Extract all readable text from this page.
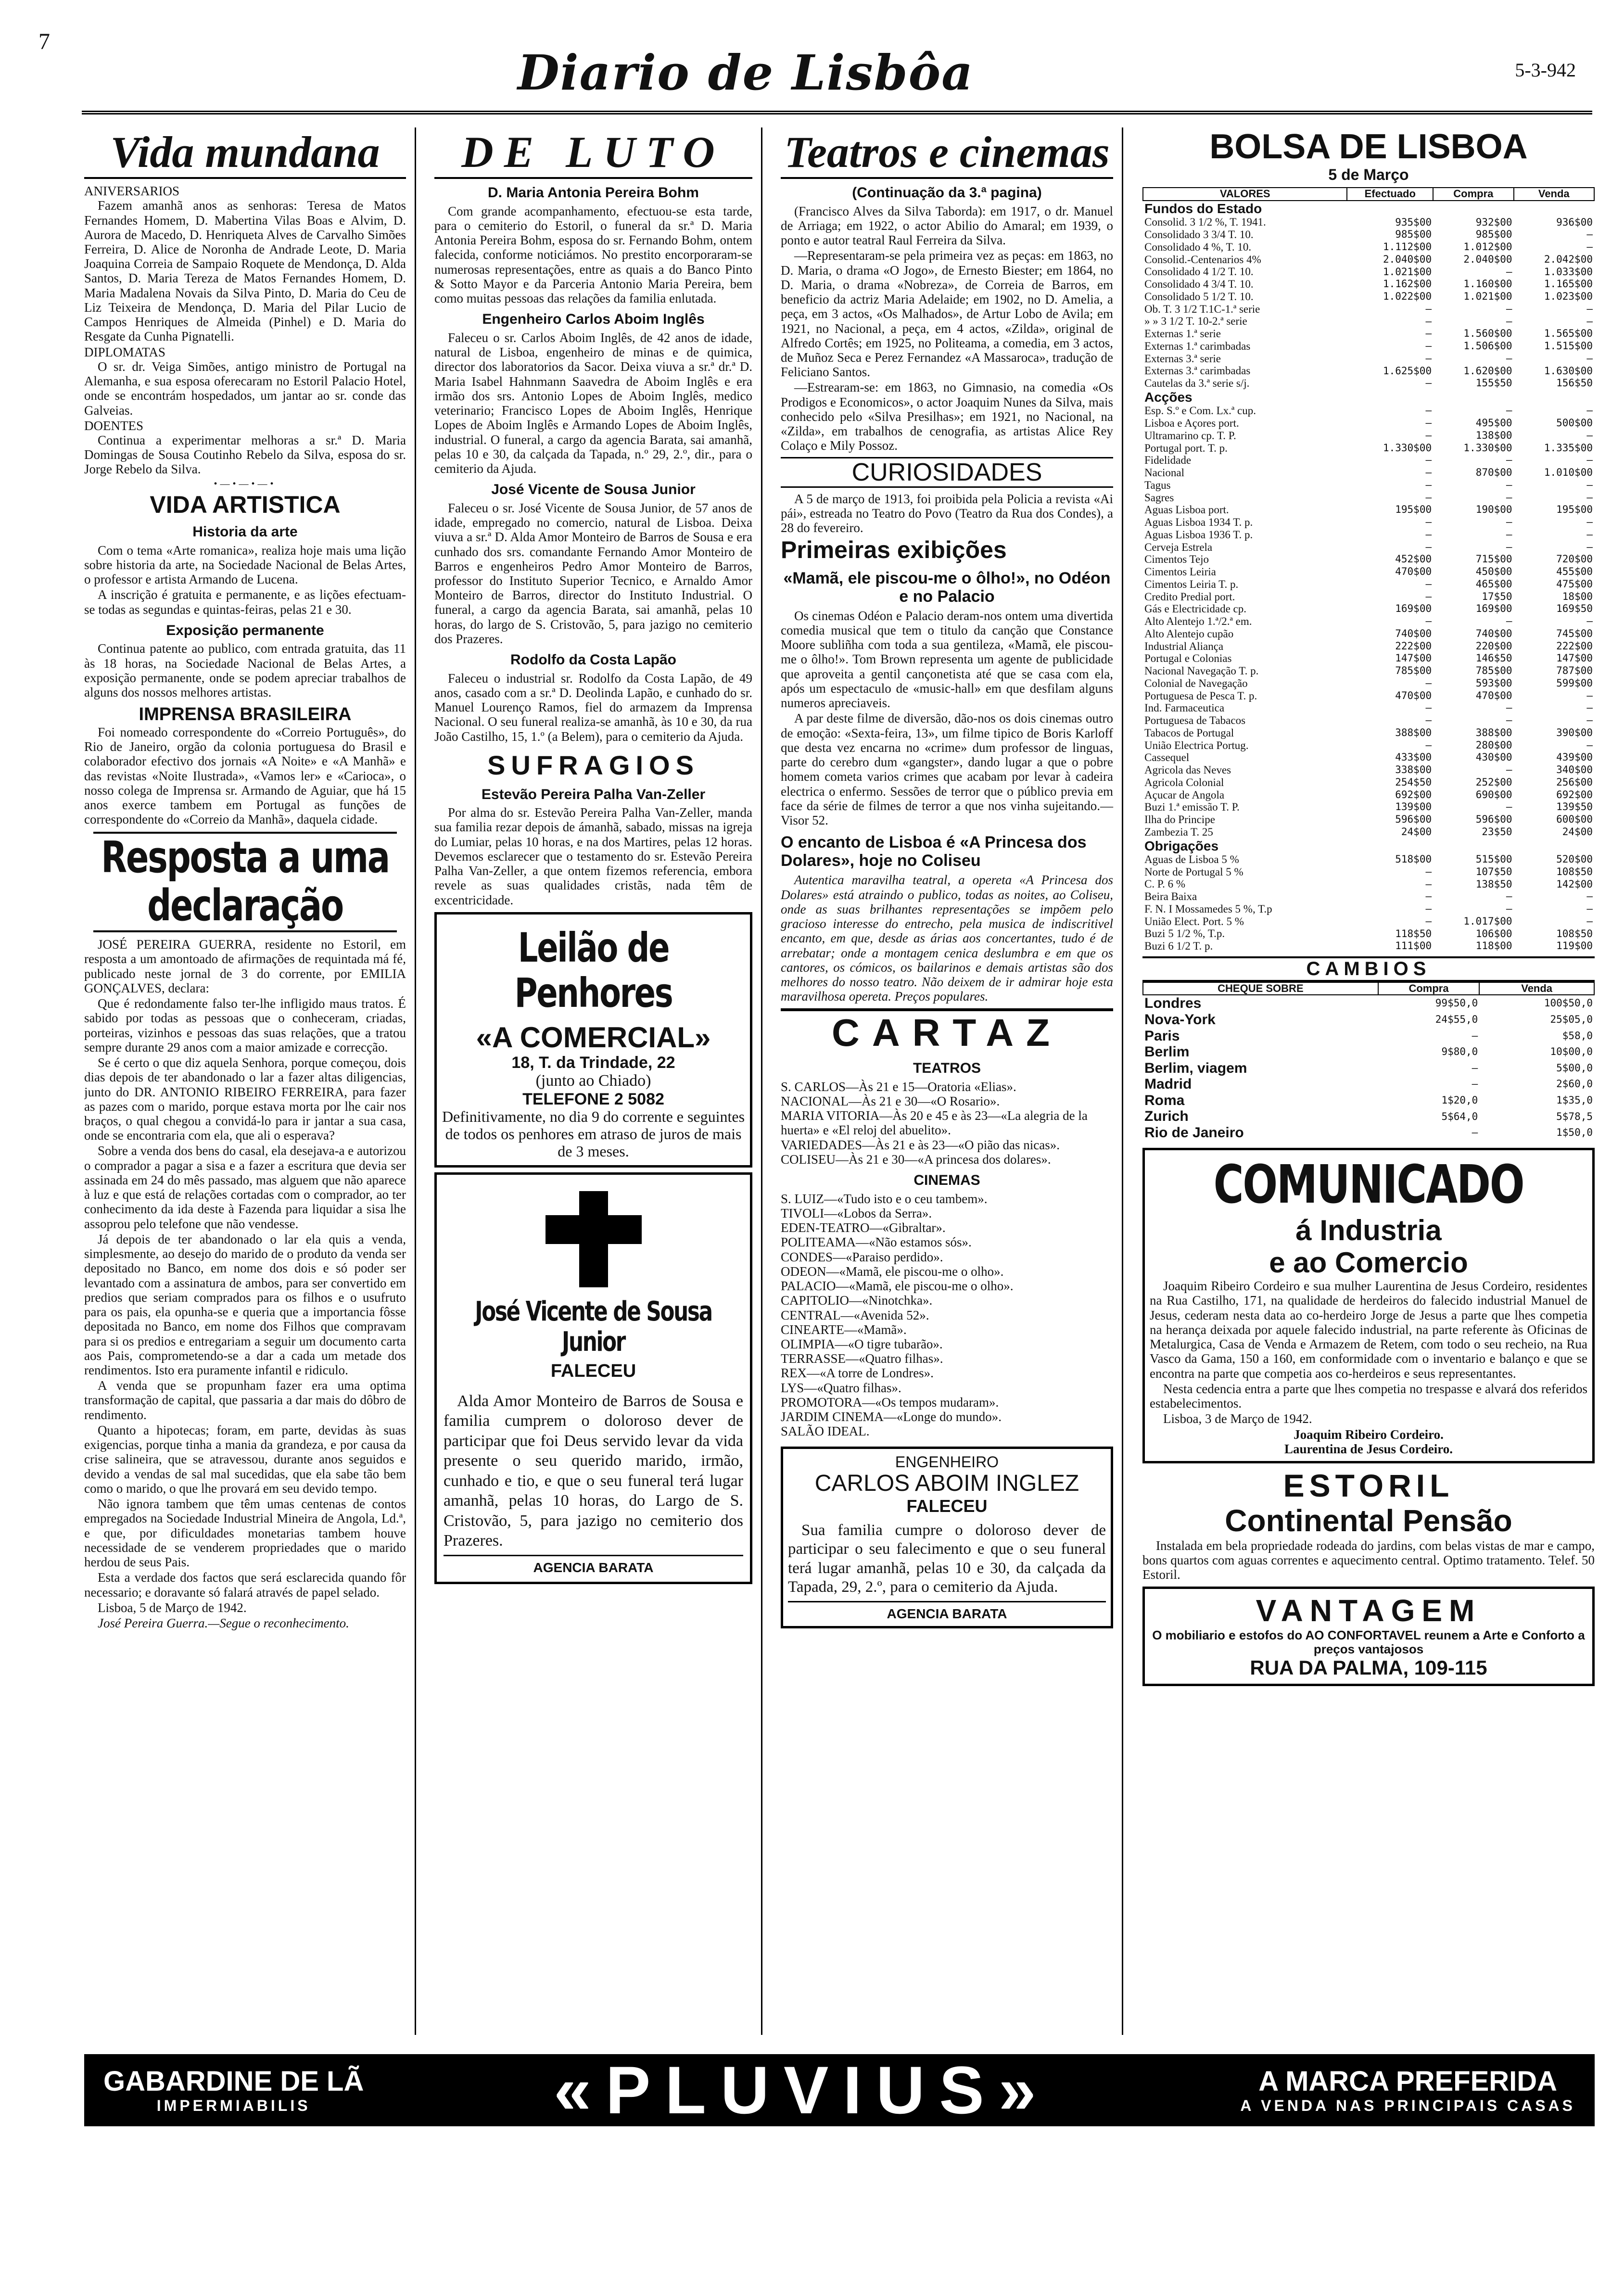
7
Diario de Lisbôa	5-3-942
Vida mundana
ANIVERSARIOS

Fazem amanhã anos as senhoras: Teresa de Matos Fernandes Homem, D. Mabertina Vilas Boas e Alvim, D. Aurora de Macedo, D. Henriqueta Alves de Carvalho Simões Ferreira, D. Alice de Noronha de Andrade Leote, D. Maria Joaquina Correia de Sampaio Roquete de Mendonça, D. Alda Santos, D. Maria Tereza de Matos Fernandes Homem, D. Maria Madalena Novais da Silva Pinto, D. Maria do Ceu de Liz Teixeira de Mendonça, D. Maria del Pilar Lucio de Campos Henriques de Almeida (Pinhel) e D. Maria do Resgate da Cunha Pignatelli.

DIPLOMATAS

O sr. dr. Veiga Simões, antigo ministro de Portugal na Alemanha, e sua esposa oferecaram no Estoril Palacio Hotel, onde se encontrám hospedados, um jantar ao sr. conde das Galveias.

DOENTES

Continua a experimentar melhoras a sr.ª D. Maria Domingas de Sousa Coutinho Rebelo da Silva, esposa do sr. Jorge Rebelo da Silva.

•—•—•—•
VIDA ARTISTICA
Historia da arte

Com o tema «Arte romanica», realiza hoje mais uma lição sobre historia da arte, na Sociedade Nacional de Belas Artes, o professor e artista Armando de Lucena.

A inscrição é gratuita e permanente, e as lições efectuam-se todas as segundas e quintas-feiras, pelas 21 e 30.

Exposição permanente

Continua patente ao publico, com entrada gratuita, das 11 às 18 horas, na Sociedade Nacional de Belas Artes, a exposição permanente, onde se podem apreciar trabalhos de alguns dos nossos melhores artistas.

IMPRENSA BRASILEIRA

Foi nomeado correspondente do «Correio Português», do Rio de Janeiro, orgão da colonia portuguesa do Brasil e colaborador efectivo dos jornais «A Noite» e «A Manhã» e das revistas «Noite Ilustrada», «Vamos ler» e «Carioca», o nosso colega de Imprensa sr. Armando de Aguiar, que há 15 anos exerce tambem em Portugal as funções de correspondente do «Correio da Manhã», daquela cidade.

Resposta a uma declaração

JOSÉ PEREIRA GUERRA, residente no Estoril, em resposta a um amontoado de afirmações de requintada má fé, publicado neste jornal de 3 do corrente, por EMILIA GONÇALVES, declara:

Que é redondamente falso ter-lhe infligido maus tratos. É sabido por todas as pessoas que o conheceram, criadas, porteiras, vizinhos e pessoas das suas relações, que a tratou sempre durante 29 anos com a maior amizade e correcção.

Se é certo o que diz aquela Senhora, porque começou, dois dias depois de ter abandonado o lar a fazer altas diligencias, junto do DR. ANTONIO RIBEIRO FERREIRA, para fazer as pazes com o marido, porque estava morta por lhe cair nos braços, o qual chegou a convidá-lo para ir jantar a sua casa, onde se encontraria com ela, que ali o esperava?

Sobre a venda dos bens do casal, ela desejava-a e autorizou o comprador a pagar a sisa e a fazer a escritura que devia ser assinada em 24 do mês passado, mas alguem que não aparece à luz e que está de relações cortadas com o comprador, ao ter conhecimento da ida deste à Fazenda para liquidar a sisa lhe assoprou pelo telefone que não vendesse.

Já depois de ter abandonado o lar ela quis a venda, simplesmente, ao desejo do marido de o produto da venda ser depositado no Banco, em nome dos dois e só poder ser levantado com a assinatura de ambos, para ser convertido em predios que seriam comprados para os filhos e o usufruto para os pais, ela opunha-se e queria que a importancia fôsse depositada no Banco, em nome dos Filhos que compravam para si os predios e entregariam a seguir um documento carta aos Pais, comprometendo-se a dar a cada um metade dos rendimentos. Isto era puramente infantil e ridiculo.

A venda que se propunham fazer era uma optima transformação de capital, que passaria a dar mais do dôbro de rendimento.

Quanto a hipotecas; foram, em parte, devidas às suas exigencias, porque tinha a mania da grandeza, e por causa da crise salineira, que se atravessou, durante anos seguidos e devido a vendas de sal mal sucedidas, que ela sabe tão bem como o marido, o que lhe provará em seu devido tempo.

Não ignora tambem que têm umas centenas de contos empregados na Sociedade Industrial Mineira de Angola, Ld.ª, e que, por dificuldades monetarias tambem houve necessidade de se venderem propriedades que o marido herdou de seus Pais.

Esta a verdade dos factos que será esclarecida quando fôr necessario; e doravante só falará através de papel selado.

Lisboa, 5 de Março de 1942.

José Pereira Guerra.—Segue o reconhecimento.

DE LUTO
D. Maria Antonia Pereira Bohm

Com grande acompanhamento, efectuou-se esta tarde, para o cemiterio do Estoril, o funeral da sr.ª D. Maria Antonia Pereira Bohm, esposa do sr. Fernando Bohm, ontem falecida, conforme noticiámos. No prestito encorporaram-se numerosas representações, entre as quais a do Banco Pinto & Sotto Mayor e da Parceria Antonio Maria Pereira, bem como muitas pessoas das relações da familia enlutada.

Engenheiro Carlos Aboim Inglês

Faleceu o sr. Carlos Aboim Inglês, de 42 anos de idade, natural de Lisboa, engenheiro de minas e de quimica, director dos laboratorios da Sacor. Deixa viuva a sr.ª dr.ª D. Maria Isabel Hahnmann Saavedra de Aboim Inglês e era irmão dos srs. Antonio Lopes de Aboim Inglês, medico veterinario; Francisco Lopes de Aboim Inglês, Henrique Lopes de Aboim Inglês e Armando Lopes de Aboim Inglês, industrial. O funeral, a cargo da agencia Barata, sai amanhã, pelas 10 e 30, da calçada da Tapada, n.º 29, 2.º, dir., para o cemiterio da Ajuda.

José Vicente de Sousa Junior

Faleceu o sr. José Vicente de Sousa Junior, de 57 anos de idade, empregado no comercio, natural de Lisboa. Deixa viuva a sr.ª D. Alda Amor Monteiro de Barros de Sousa e era cunhado dos srs. comandante Fernando Amor Monteiro de Barros e engenheiros Pedro Amor Monteiro de Barros, professor do Instituto Superior Tecnico, e Arnaldo Amor Monteiro de Barros, director do Instituto Industrial. O funeral, a cargo da agencia Barata, sai amanhã, pelas 10 horas, do largo de S. Cristovão, 5, para jazigo no cemiterio dos Prazeres.

Rodolfo da Costa Lapão

Faleceu o industrial sr. Rodolfo da Costa Lapão, de 49 anos, casado com a sr.ª D. Deolinda Lapão, e cunhado do sr. Manuel Lourenço Ramos, fiel do armazem da Imprensa Nacional. O seu funeral realiza-se amanhã, às 10 e 30, da rua João Castilho, 15, 1.º (a Belem), para o cemiterio da Ajuda.

SUFRAGIOS
Estevão Pereira Palha Van-Zeller

Por alma do sr. Estevão Pereira Palha Van-Zeller, manda sua familia rezar depois de ámanhã, sabado, missas na igreja do Lumiar, pelas 10 horas, e na dos Martires, pelas 12 horas. Devemos esclarecer que o testamento do sr. Estevão Pereira Palha Van-Zeller, a que ontem fizemos referencia, embora revele as suas qualidades cristãs, nada têm de excentricidade.

Leilão de Penhores
«A COMERCIAL»
18, T. da Trindade, 22
(junto ao Chiado)
TELEFONE 2 5082
Definitivamente, no dia 9 do corrente e seguintes de todos os penhores em atraso de juros de mais de 3 meses.
José Vicente de Sousa Junior
FALECEU

Alda Amor Monteiro de Barros de Sousa e familia cumprem o doloroso dever de participar que foi Deus servido levar da vida presente o seu querido marido, irmão, cunhado e tio, e que o seu funeral terá lugar amanhã, pelas 10 horas, do Largo de S. Cristovão, 5, para jazigo no cemiterio dos Prazeres.

AGENCIA BARATA
Teatros e cinemas
(Continuação da 3.ª pagina)

(Francisco Alves da Silva Taborda): em 1917, o dr. Manuel de Arriaga; em 1922, o actor Abilio do Amaral; em 1939, o ponto e autor teatral Raul Ferreira da Silva.

—Representaram-se pela primeira vez as peças: em 1863, no D. Maria, o drama «O Jogo», de Ernesto Biester; em 1864, no D. Maria, o drama «Nobreza», de Correia de Barros, em beneficio da actriz Maria Adelaide; em 1902, no D. Amelia, a peça, em 3 actos, «Os Malhados», de Artur Lobo de Avila; em 1921, no Nacional, a peça, em 4 actos, «Zilda», original de Alfredo Cortês; em 1925, no Politeama, a comedia, em 3 actos, de Muñoz Seca e Perez Fernandez «A Massaroca», tradução de Feliciano Santos.

—Estrearam-se: em 1863, no Gimnasio, na comedia «Os Prodigos e Economicos», o actor Joaquim Nunes da Silva, mais conhecido pelo «Silva Presilhas»; em 1921, no Nacional, na «Zilda», em trabalhos de cenografia, as artistas Alice Rey Colaço e Mily Possoz.

CURIOSIDADES

A 5 de março de 1913, foi proibida pela Policia a revista «Ai pái», estreada no Teatro do Povo (Teatro da Rua dos Condes), a 28 do fevereiro.

Primeiras exibições
«Mamã, ele piscou-me o ôlho!», no Odéon e no Palacio

Os cinemas Odéon e Palacio deram-nos ontem uma divertida comedia musical que tem o titulo da canção que Constance Moore subliñha com toda a sua gentileza, «Mamã, ele piscou-me o ôlho!». Tom Brown representa um agente de publicidade que aproveita a gentil cançonetista até que se casa com ela, após um espectaculo de «music-hall» em que desfilam alguns numeros apreciaveis.

A par deste filme de diversão, dão-nos os dois cinemas outro de emoção: «Sexta-feira, 13», um filme tipico de Boris Karloff que desta vez encarna no «crime» dum professor de linguas, parte do cerebro dum «gangster», dando lugar a que o pobre homem cometa varios crimes que acabam por levar à cadeira electrica o enfermo. Sessões de terror que o público previa em face da série de filmes de terror a que nos vinha sujeitando.—Visor 52.

O encanto de Lisboa é «A Princesa dos Dolares», hoje no Coliseu

Autentica maravilha teatral, a opereta «A Princesa dos Dolares» está atraindo o publico, todas as noites, ao Coliseu, onde as suas brilhantes representações se impõem pelo gracioso interesse do entrecho, pela musica de indiscritivel encanto, em que, desde as árias aos concertantes, tudo é de arrebatar; onde a montagem cenica deslumbra e em que os cantores, os cómicos, os bailarinos e demais artistas são dos melhores do nosso teatro. Não deixem de ir admirar hoje esta maravilhosa opereta. Preços populares.

CARTAZ
TEATROS
S. CARLOS—Às 21 e 15—Oratoria «Elias».
NACIONAL—Às 21 e 30—«O Rosario».
MARIA VITORIA—Às 20 e 45 e às 23—«La alegria de la huerta» e «El reloj del abuelito».
VARIEDADES—Às 21 e às 23—«O pião das nicas».
COLISEU—Às 21 e 30—«A princesa dos dolares».
CINEMAS
S. LUIZ—«Tudo isto e o ceu tambem».
TIVOLI—«Lobos da Serra».
EDEN-TEATRO—«Gibraltar».
POLITEAMA—«Não estamos sós».
CONDES—«Paraiso perdido».
ODEON—«Mamã, ele piscou-me o olho».
PALACIO—«Mamã, ele piscou-me o olho».
CAPITOLIO—«Ninotchka».
CENTRAL—«Avenida 52».
CINEARTE—«Mamã».
OLIMPIA—«O tigre tubarão».
TERRASSE—«Quatro filhas».
REX—«A torre de Londres».
LYS—«Quatro filhas».
PROMOTORA—«Os tempos mudaram».
JARDIM CINEMA—«Longe do mundo».
SALÃO IDEAL.
ENGENHEIRO
CARLOS ABOIM INGLEZ
FALECEU

Sua familia cumpre o doloroso dever de participar o seu falecimento e que o seu funeral terá lugar amanhã, pelas 10 e 30, da calçada da Tapada, 29, 2.º, para o cemiterio da Ajuda.

AGENCIA BARATA
BOLSA DE LISBOA
5 de Março
VALORES	Efectuado	Compra	Venda
Fundos do Estado			
Consolid. 3 1/2 %, T. 1941.	935$00	932$00	936$00
Consolidado 3 3/4 T. 10.	985$00	985$00	—
Consolidado 4 %, T. 10.	1.112$00	1.012$00	—
Consolid.-Centenarios 4%	2.040$00	2.040$00	2.042$00
Consolidado 4 1/2 T. 10.	1.021$00	—	1.033$00
Consolidado 4 3/4 T. 10.	1.162$00	1.160$00	1.165$00
Consolidado 5 1/2 T. 10.	1.022$00	1.021$00	1.023$00
Ob. T. 3 1/2 T.1C-1.ª serie	—	—	—
» » 3 1/2 T. 10-2.ª serie	—	—	—
Externas 1.ª serie	—	1.560$00	1.565$00
Externas 1.ª carimbadas	—	1.506$00	1.515$00
Externas 3.ª serie	—	—	—
Externas 3.ª carimbadas	1.625$00	1.620$00	1.630$00
Cautelas da 3.ª serie s/j.	—	155$50	156$50
Acções			
Esp. S.º e Com. Lx.ª cup.	—	—	—
Lisboa e Açores port.	—	495$00	500$00
Ultramarino cp. T. P.	—	138$00	—
Portugal port. T. p.	1.330$00	1.330$00	1.335$00
Fidelidade	—	—	—
Nacional	—	870$00	1.010$00
Tagus	—	—	—
Sagres	—	—	—
Aguas Lisboa port.	195$00	190$00	195$00
Aguas Lisboa 1934 T. p.	—	—	—
Aguas Lisboa 1936 T. p.	—	—	—
Cerveja Estrela	—	—	—
Cimentos Tejo	452$00	715$00	720$00
Cimentos Leiria	470$00	450$00	455$00
Cimentos Leiria T. p.	—	465$00	475$00
Credito Predial port.	—	17$50	18$00
Gás e Electricidade cp.	169$00	169$00	169$50
Alto Alentejo 1.ª/2.ª em.	—	—	—
Alto Alentejo cupão	740$00	740$00	745$00
Industrial Aliança	222$00	220$00	222$00
Portugal e Colonias	147$00	146$50	147$00
Nacional Navegação T. p.	785$00	785$00	787$00
Colonial de Navegação	—	593$00	599$00
Portuguesa de Pesca T. p.	470$00	470$00	—
Ind. Farmaceutica	—	—	—
Portuguesa de Tabacos	—	—	—
Tabacos de Portugal	388$00	388$00	390$00
União Electrica Portug.	—	280$00	—
Cassequel	433$00	430$00	439$00
Agricola das Neves	338$00	—	340$00
Agricola Colonial	254$50	252$00	256$00
Açucar de Angola	692$00	690$00	692$00
Buzi 1.ª emissão T. P.	139$00	—	139$50
Ilha do Principe	596$00	596$00	600$00
Zambezia T. 25	24$00	23$50	24$00
Obrigações			
Aguas de Lisboa 5 %	518$00	515$00	520$00
Norte de Portugal 5 %	—	107$50	108$50
C. P. 6 %	—	138$50	142$00
Beira Baixa	—	—	—
F. N. I Mossamedes 5 %, T.p	—	—	—
União Elect. Port. 5 %	—	1.017$00	—
Buzi 5 1/2 %, T.p.	118$50	106$00	108$50
Buzi 6 1/2 T. p.	111$00	118$00	119$00
CAMBIOS
CHEQUE SOBRE	Compra	Venda
Londres	99$50,0	100$50,0
Nova-York	24$55,0	25$05,0
Paris	—	$58,0
Berlim	9$80,0	10$00,0
Berlim, viagem	—	5$00,0
Madrid	—	2$60,0
Roma	1$20,0	1$35,0
Zurich	5$64,0	5$78,5
Rio de Janeiro	—	1$50,0
COMUNICADO
á Industria
e ao Comercio

Joaquim Ribeiro Cordeiro e sua mulher Laurentina de Jesus Cordeiro, residentes na Rua Castilho, 171, na qualidade de herdeiros do falecido industrial Manuel de Jesus, cederam nesta data ao co-herdeiro Jorge de Jesus a parte que lhes competia na herança deixada por aquele falecido industrial, na parte referente às Oficinas de Metalurgica, Casa de Venda e Armazem de Retem, com todo o seu recheio, na Rua Vasco da Gama, 150 a 160, em conformidade com o inventario e balanço e que se encontra na parte que competia aos co-herdeiros e seus representantes.

Nesta cedencia entra a parte que lhes competia no trespasse e alvará dos referidos estabelecimentos.

Lisboa, 3 de Março de 1942.

Joaquim Ribeiro Cordeiro.
Laurentina de Jesus Cordeiro.
ESTORIL
Continental Pensão

Instalada em bela propriedade rodeada do jardins, com belas vistas de mar e campo, bons quartos com aguas correntes e aquecimento central. Optimo tratamento. Telef. 50 Estoril.

VANTAGEM
O mobiliario e estofos do AO CONFORTAVEL reunem a Arte e Conforto a preços vantajosos
RUA DA PALMA, 109-115
GABARDINE DE LÃ
IMPERMIABILIS	«PLUVIUS»	A MARCA PREFERIDA
A VENDA NAS PRINCIPAIS CASAS
